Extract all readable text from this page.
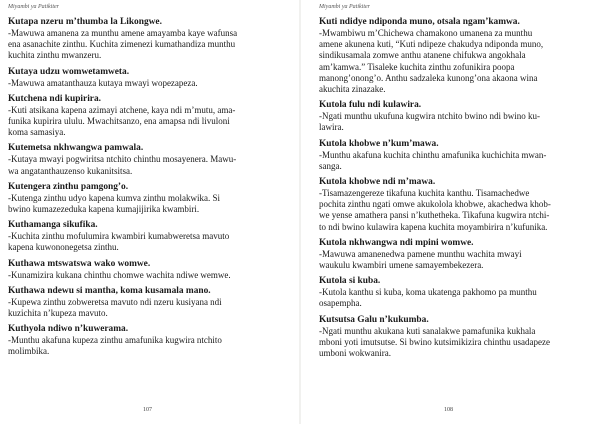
Miyambi ya Patikiter

Kutapa nzeru m’thumba la Likongwe.

-Mawuwa amanena za munthu amene amayamba kaye wafunsa
ena asanachite zinthu. Kuchita zimenezi kumathandiza munthu
kuchita zinthu mwanzeru.

Kutaya udzu womwetamweta.

-Mawuwa amatanthauza kutaya mwayi wopezapeza.

Kutchena ndi kupirira.

-Kuti atsikana kapena azimayi atchene, kaya ndi m’mutu, ama-
funika kupirira ululu. Mwachitsanzo, ena amapsa ndi livuloni
koma samasiya.

Kutemetsa nkhwangwa pamwala.

-Kutaya mwayi pogwiritsa ntchito chinthu mosayenera. Mawu-
wa angatanthauzenso kukanitsitsa.

Kutengera zinthu pamgong’o.

-Kutenga zinthu udyo kapena kumva zinthu molakwika. Si
bwino kumazezeduka kapena kumajijirika kwambiri.

Kuthamanga sikufika.

-Kuchita zinthu mofulumira kwambiri kumabweretsa mavuto
kapena kuwononegetsa zinthu.

Kuthawa mtswatswa wako womwe.

-Kunamizira kukana chinthu chomwe wachita ndiwe wemwe.

Kuthawa ndewu si mantha, koma kusamala mano.

-Kupewa zinthu zobweretsa mavuto ndi nzeru kusiyana ndi
kuzichita n’kupeza mavuto.

Kuthyola ndiwo n’kuwerama.

-Munthu akafuna kupeza zinthu amafunika kugwira ntchito
molimbika.

107
Miyambi ya Patikiter

Kuti ndidye ndiponda muno, otsala ngam’kamwa.

-Mwambiwu m’Chichewa chamakono umanena za munthu
amene akunena kuti, “Kuti ndipeze chakudya ndiponda muno,
sindikusamala zomwe anthu atanene chifukwa angokhala
am’kamwa.” Tisaleke kuchita zinthu zofunikira poopa
manong’onong’o. Anthu sadzaleka kunong’ona akaona wina
akuchita zinazake.

Kutola fulu ndi kulawira.

-Ngati munthu ukufuna kugwira ntchito bwino ndi bwino ku-
lawira.

Kutola khobwe n’kum’mawa.

-Munthu akafuna kuchita chinthu amafunika kuchichita mwan-
sanga.

Kutola khobwe ndi m’mawa.

-Tisamazengereze tikafuna kuchita kanthu. Tisamachedwe
pochita zinthu ngati omwe akukolola khobwe, akachedwa khob-
we yense amathera pansi n’kuthetheka. Tikafuna kugwira ntchi-
to ndi bwino kulawira kapena kuchita moyambirira n’kufunika.

Kutola nkhwangwa ndi mpini womwe.

-Mawuwa amanenedwa pamene munthu wachita mwayi
waukulu kwambiri umene samayembekezera.

Kutola si kuba.

-Kutola kanthu si kuba, koma ukatenga pakhomo pa munthu
osapempha.

Kutsutsa Galu n’kukumba.

-Ngati munthu akukana kuti sanalakwe pamafunika kukhala
mboni yoti imutsutse. Si bwino kutsimikizira chinthu usadapeze
umboni wokwanira.

108
